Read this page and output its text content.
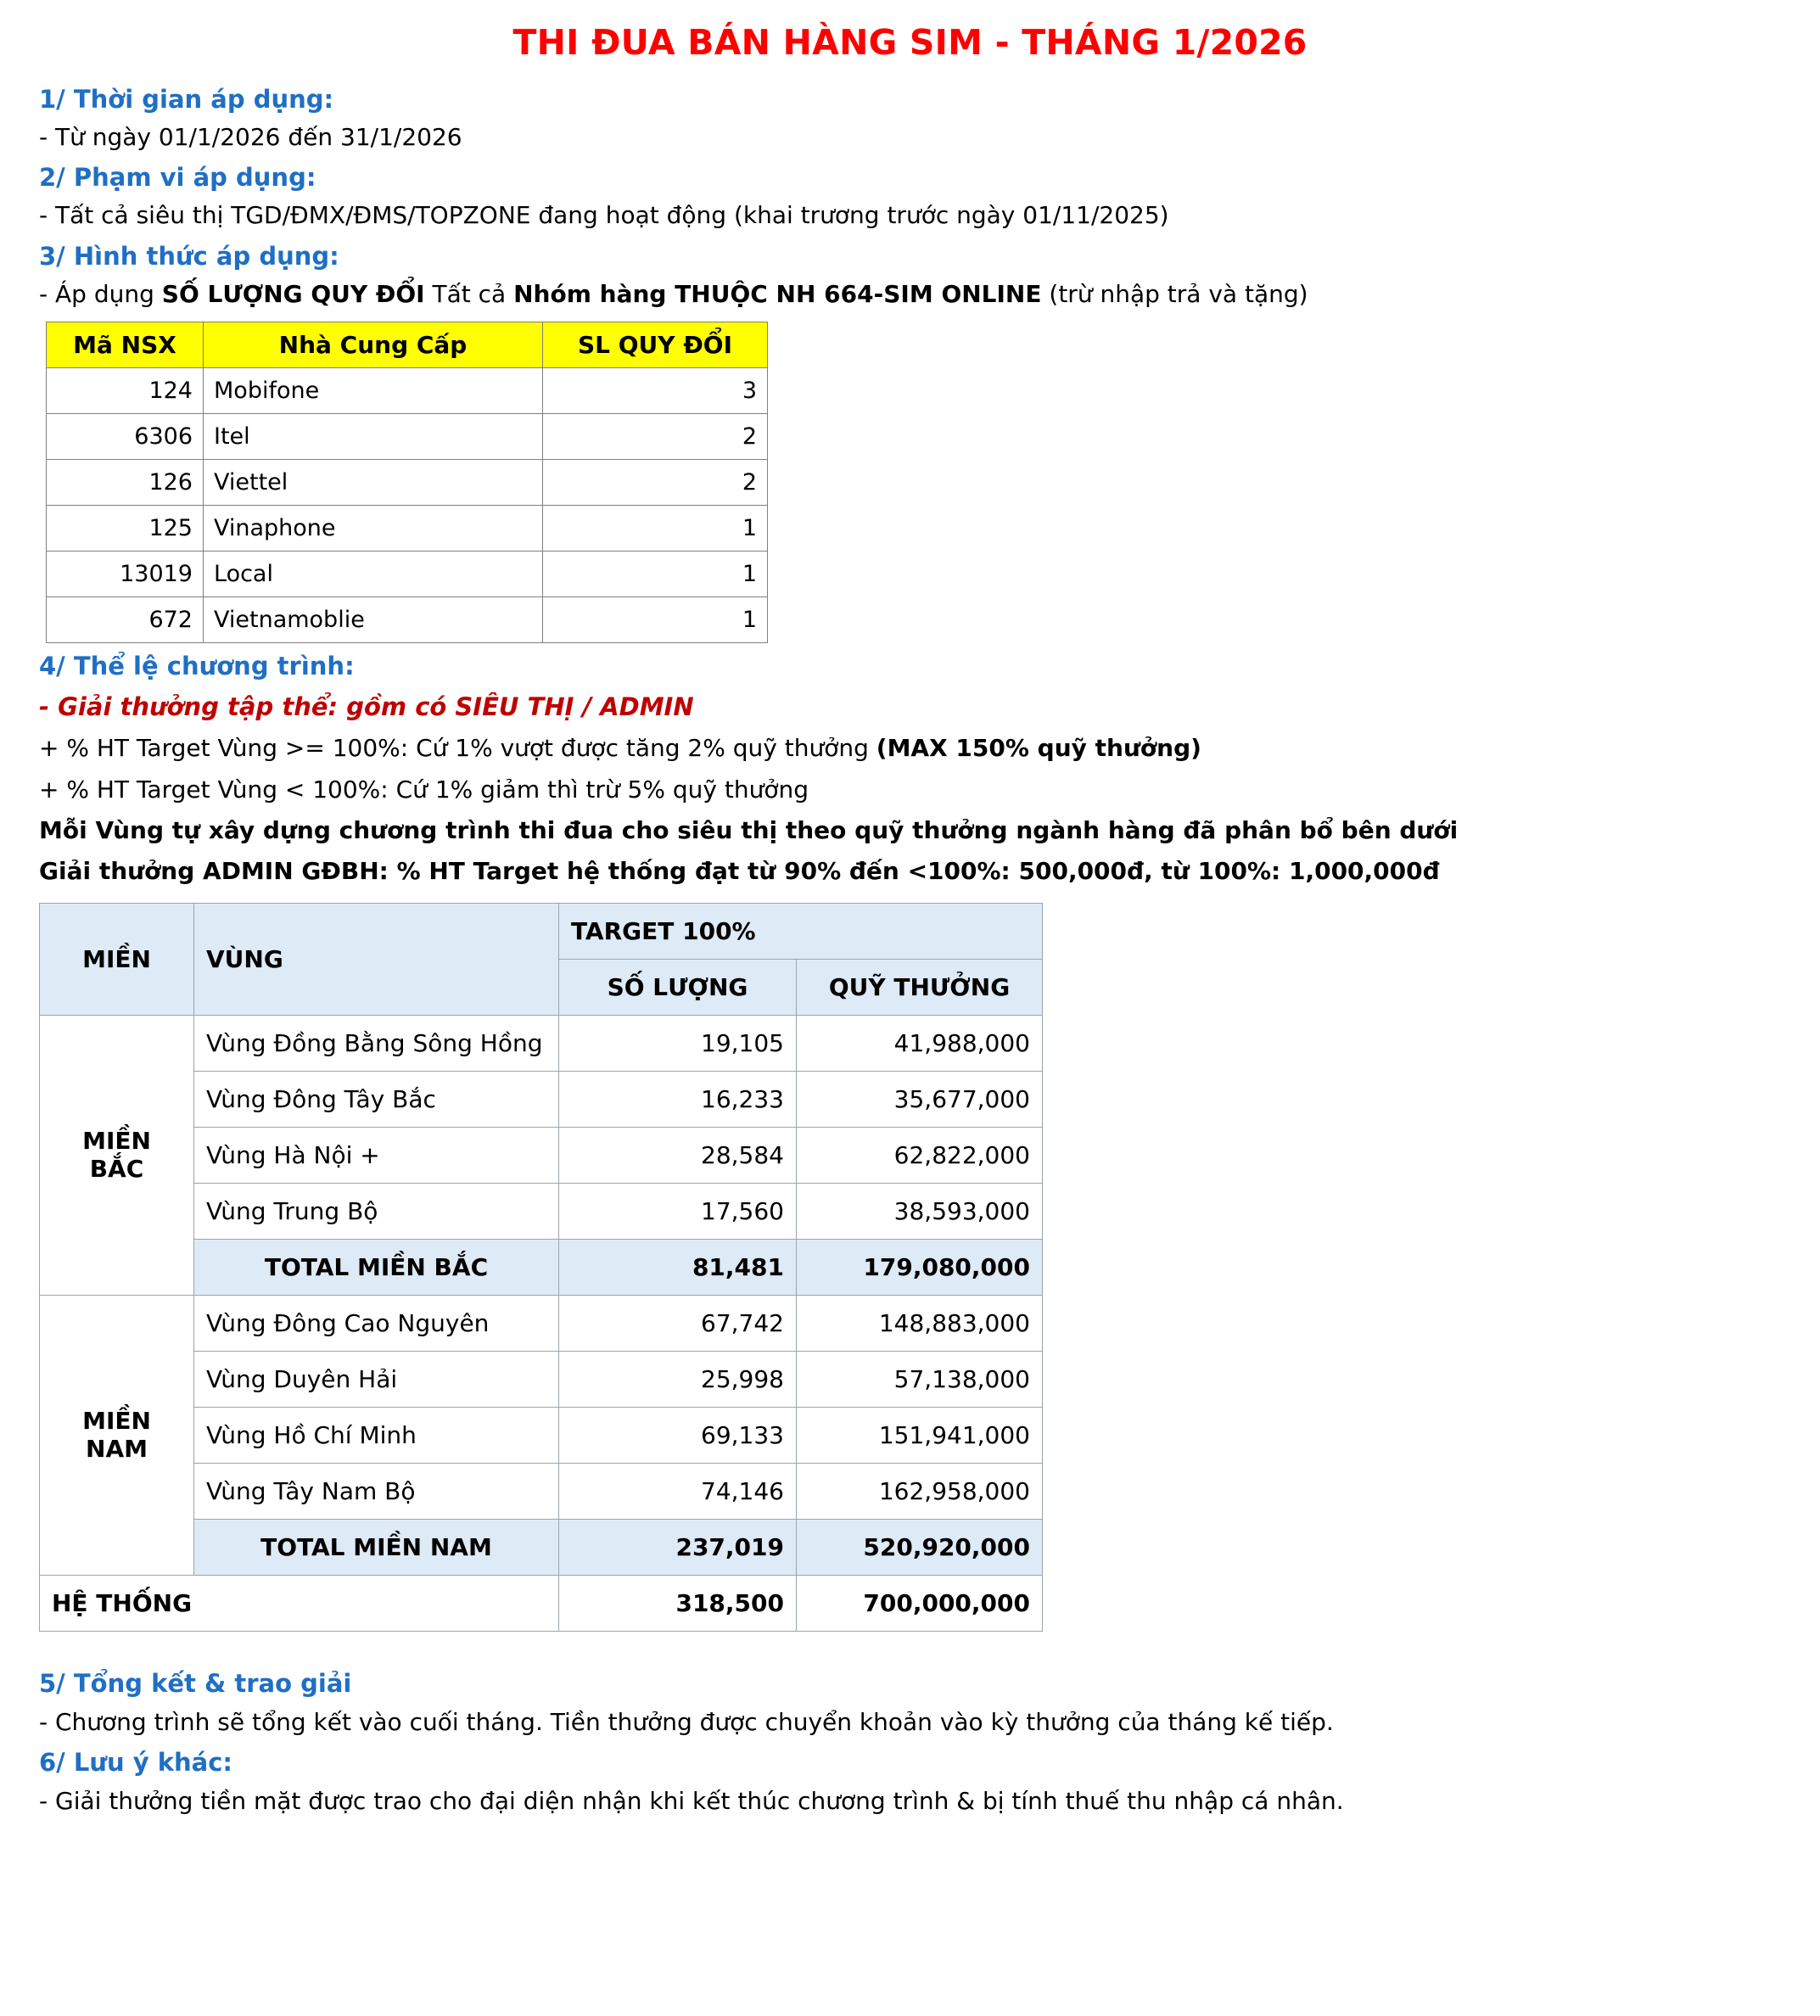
THI ĐUA BÁN HÀNG SIM - THÁNG 1/2026
1/ Thời gian áp dụng:
- Từ ngày 01/1/2026 đến 31/1/2026
2/ Phạm vi áp dụng:
- Tất cả siêu thị TGD/ĐMX/ĐMS/TOPZONE đang hoạt động (khai trương trước ngày 01/11/2025)
3/ Hình thức áp dụng:
- Áp dụng SỐ LƯỢNG QUY ĐỔI Tất cả Nhóm hàng THUỘC NH 664-SIM ONLINE (trừ nhập trả và tặng)
Mã NSX	Nhà Cung Cấp	SL QUY ĐỔI
124	Mobifone	3
6306	Itel	2
126	Viettel	2
125	Vinaphone	1
13019	Local	1
672	Vietnamoblie	1
4/ Thể lệ chương trình:
- Giải thưởng tập thể: gồm có SIÊU THỊ / ADMIN
+ % HT Target Vùng >= 100%: Cứ 1% vượt được tăng 2% quỹ thưởng (MAX 150% quỹ thưởng)
+ % HT Target Vùng < 100%: Cứ 1% giảm thì trừ 5% quỹ thưởng
Mỗi Vùng tự xây dựng chương trình thi đua cho siêu thị theo quỹ thưởng ngành hàng đã phân bổ bên dưới
Giải thưởng ADMIN GĐBH: % HT Target hệ thống đạt từ 90% đến <100%: 500,000đ, từ 100%: 1,000,000đ
MIỀN	VÙNG	TARGET 100%	
		SỐ LƯỢNG	QUỸ THƯỞNG
MIỀN BẮC	Vùng Đồng Bằng Sông Hồng	19,105	41,988,000
	Vùng Đông Tây Bắc	16,233	35,677,000
	Vùng Hà Nội +	28,584	62,822,000
	Vùng Trung Bộ	17,560	38,593,000
	TOTAL MIỀN BẮC	81,481	179,080,000
MIỀN NAM	Vùng Đông Cao Nguyên	67,742	148,883,000
	Vùng Duyên Hải	25,998	57,138,000
	Vùng Hồ Chí Minh	69,133	151,941,000
	Vùng Tây Nam Bộ	74,146	162,958,000
	TOTAL MIỀN NAM	237,019	520,920,000
HỆ THỐNG		318,500	700,000,000
5/ Tổng kết & trao giải
- Chương trình sẽ tổng kết vào cuối tháng. Tiền thưởng được chuyển khoản vào kỳ thưởng của tháng kế tiếp.
6/ Lưu ý khác:
- Giải thưởng tiền mặt được trao cho đại diện nhận khi kết thúc chương trình & bị tính thuế thu nhập cá nhân.
